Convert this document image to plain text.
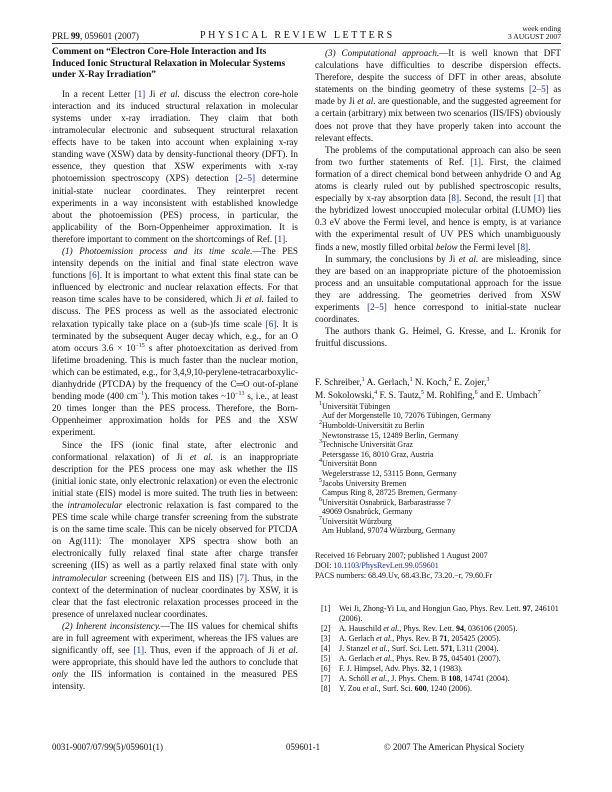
PRL 99, 059601 (2007)	PHYSICAL REVIEW LETTERS
week ending
3 AUGUST 2007
Comment on “Electron Core-Hole Interaction and Its Induced Ionic Structural Relaxation in Molecular Systems under X-Ray Irradiation”

In a recent Letter [1] Ji et al. discuss the electron core-hole interaction and its induced structural relaxation in molecular systems under x-ray irradiation. They claim that both intramolecular electronic and subsequent structural relaxation effects have to be taken into account when explaining x-ray standing wave (XSW) data by density-functional theory (DFT). In essence, they question that XSW experiments with x-ray photoemission spectroscopy (XPS) detection [2–5] determine initial-state nuclear coordinates. They reinterpret recent experiments in a way inconsistent with established knowledge about the photoemission (PES) process, in particular, the applicability of the Born-Oppenheimer approximation. It is therefore important to comment on the shortcomings of Ref. [1].

(1) Photoemission process and its time scale.—The PES intensity depends on the initial and final state electron wave functions [6]. It is important to what extent this final state can be influenced by electronic and nuclear relaxation effects. For that reason time scales have to be considered, which Ji et al. failed to discuss. The PES process as well as the associated electronic relaxation typically take place on a (sub-)fs time scale [6]. It is terminated by the subsequent Auger decay which, e.g., for an O atom occurs $3.6 \times 10^{-15}$ s after photoexcitation as derived from lifetime broadening. This is much faster than the nuclear motion, which can be estimated, e.g., for 3,4,9,10-perylene-tetracarboxylic-dianhydride (PTCDA) by the frequency of the C═O out-of-plane bending mode (400 $cm^{-1}$). This motion takes $\sim 10^{-13}$ s, i.e., at least 20 times longer than the PES process. Therefore, the Born-Oppenheimer approximation holds for PES and the XSW experiment.

Since the IFS (ionic final state, after electronic and conformational relaxation) of Ji et al. is an inappropriate description for the PES process one may ask whether the IIS (initial ionic state, only electronic relaxation) or even the electronic initial state (EIS) model is more suited. The truth lies in between: the intramolecular electronic relaxation is fast compared to the PES time scale while charge transfer screening from the substrate is on the same time scale. This can be nicely observed for PTCDA on Ag(111): The monolayer XPS spectra show both an electronically fully relaxed final state after charge transfer screening (IIS) as well as a partly relaxed final state with only intramolecular screening (between EIS and IIS) [7]. Thus, in the context of the determination of nuclear coordinates by XSW, it is clear that the fast electronic relaxation processes proceed in the presence of unrelaxed nuclear coordinates.

(2) Inherent inconsistency.—The IIS values for chemical shifts are in full agreement with experiment, whereas the IFS values are significantly off, see [1]. Thus, even if the approach of Ji et al. were appropriate, this should have led the authors to conclude that only the IIS information is contained in the measured PES intensity.

(3) Computational approach.—It is well known that DFT calculations have difficulties to describe dispersion effects. Therefore, despite the success of DFT in other areas, absolute statements on the binding geometry of these systems [2–5] as made by Ji et al. are questionable, and the suggested agreement for a certain (arbitrary) mix between two scenarios (IIS/IFS) obviously does not prove that they have properly taken into account the relevant effects.

The problems of the computational approach can also be seen from two further statements of Ref. [1]. First, the claimed formation of a direct chemical bond between anhydride O and Ag atoms is clearly ruled out by published spectroscopic results, especially by x-ray absorption data [8]. Second, the result [1] that the hybridized lowest unoccupied molecular orbital (LUMO) lies 0.3 eV above the Fermi level, and hence is empty, is at variance with the experimental result of UV PES which unambiguously finds a new, mostly filled orbital below the Fermi level [8].

In summary, the conclusions by Ji et al. are misleading, since they are based on an inappropriate picture of the photoemission process and an unsuitable computational approach for the issue they are addressing. The geometries derived from XSW experiments [2–5] hence correspond to initial-state nuclear coordinates.

The authors thank G. Heimel, G. Kresse, and L. Kronik for fruitful discussions.

F. Schreiber,$^1$ A. Gerlach,$^1$ N. Koch,$^2$ E. Zojer,$^3$
M. Sokolowski,$^4$ F. S. Tautz,$^5$ M. Rohlfing,$^6$ and E. Umbach$^7$
$^1$Universität Tübingen
Auf der Morgenstelle 10, 72076 Tübingen, Germany
$^2$Humboldt-Universität zu Berlin
Newtonstrasse 15, 12489 Berlin, Germany
$^3$Technische Universität Graz
Petersgasse 16, 8010 Graz, Austria
$^4$Universität Bonn
Wegelerstrasse 12, 53115 Bonn, Germany
$^5$Jacobs University Bremen
Campus Ring 8, 28725 Bremen, Germany
$^6$Universität Osnabrück, Barbarastrasse 7
49069 Osnabrück, Germany
$^7$Universität Würzburg
Am Hubland, 97074 Würzburg, Germany
Received 16 February 2007; published 1 August 2007
DOI: 10.1103/PhysRevLett.99.059601
PACS numbers: 68.49.Uv, 68.43.Bc, 73.20.−r, 79.60.Fr
[1] Wei Ji, Zhong-Yi Lu, and Hongjun Gao, Phys. Rev. Lett. 97, 246101 (2006).
[2] A. Hauschild et al., Phys. Rev. Lett. 94, 036106 (2005).
[3] A. Gerlach et al., Phys. Rev. B 71, 205425 (2005).
[4] J. Stanzel et al., Surf. Sci. Lett. 571, L311 (2004).
[5] A. Gerlach et al., Phys. Rev. B 75, 045401 (2007).
[6] F. J. Himpsel, Adv. Phys. 32, 1 (1983).
[7] A. Schöll et al., J. Phys. Chem. B 108, 14741 (2004).
[8] Y. Zou et al., Surf. Sci. 600, 1240 (2006).
0031-9007/07/99(5)/059601(1)	059601-1	© 2007 The American Physical Society
